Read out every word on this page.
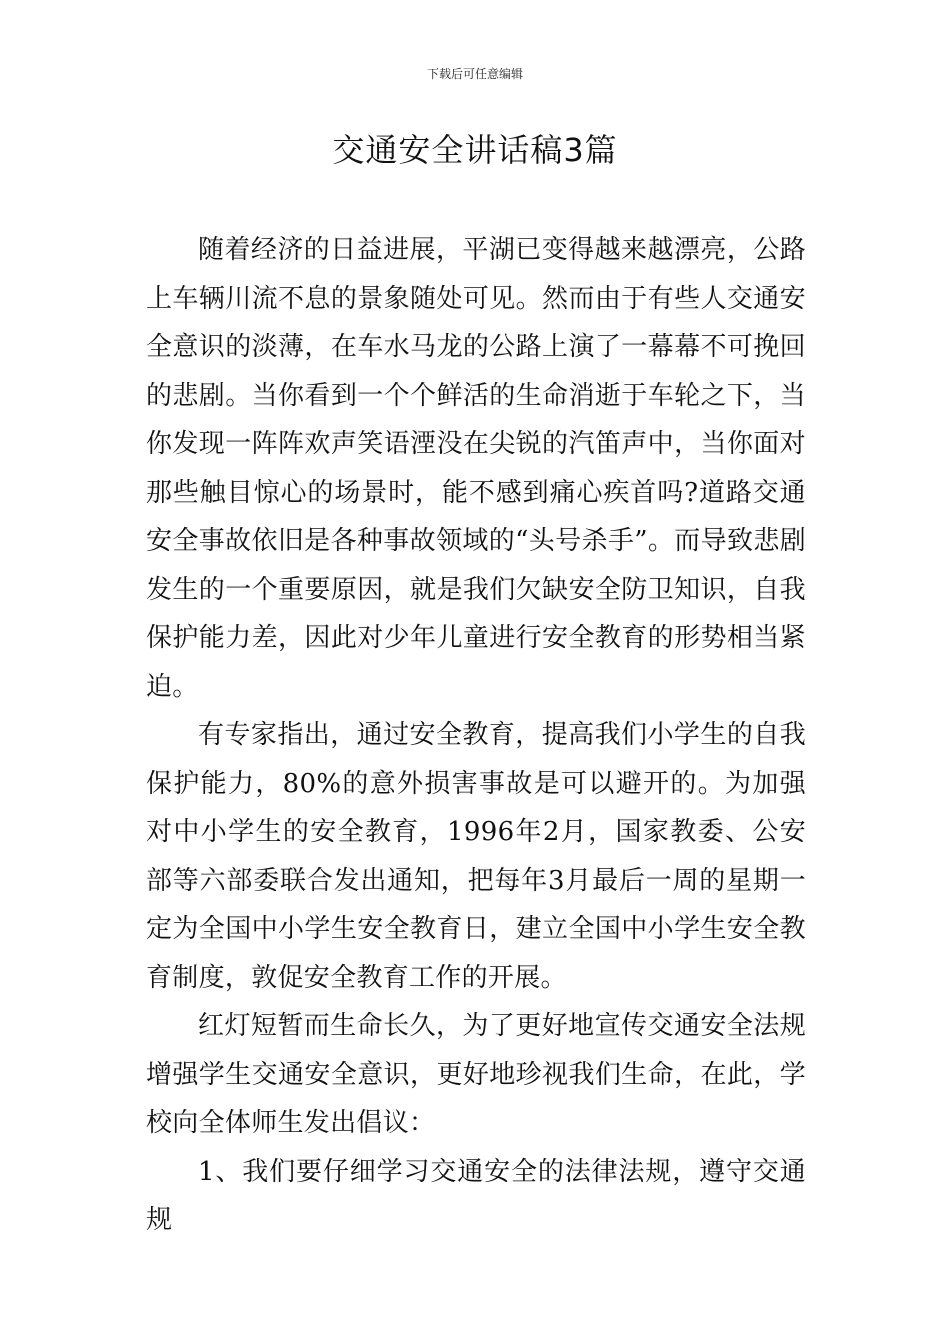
下载后可任意编辑
交通安全讲话稿3篇

随着经济的日益进展，平湖已变得越来越漂亮，公路上车辆川流不息的景象随处可见。然而由于有些人交通安全意识的淡薄，在车水马龙的公路上演了一幕幕不可挽回的悲剧。当你看到一个个鲜活的生命消逝于车轮之下，当你发现一阵阵欢声笑语湮没在尖锐的汽笛声中，当你面对那些触目惊心的场景时，能不感到痛心疾首吗?道路交通安全事故依旧是各种事故领域的“头号杀手”。而导致悲剧发生的一个重要原因，就是我们欠缺安全防卫知识，自我保护能力差，因此对少年儿童进行安全教育的形势相当紧迫。

有专家指出，通过安全教育，提高我们小学生的自我保护能力，80%的意外损害事故是可以避开的。为加强对中小学生的安全教育，1996年2月，国家教委、公安部等六部委联合发出通知，把每年3月最后一周的星期一定为全国中小学生安全教育日，建立全国中小学生安全教育制度，敦促安全教育工作的开展。

红灯短暂而生命长久，为了更好地宣传交通安全法规增强学生交通安全意识，更好地珍视我们生命，在此，学校向全体师生发出倡议：

1、我们要仔细学习交通安全的法律法规，遵守交通规
